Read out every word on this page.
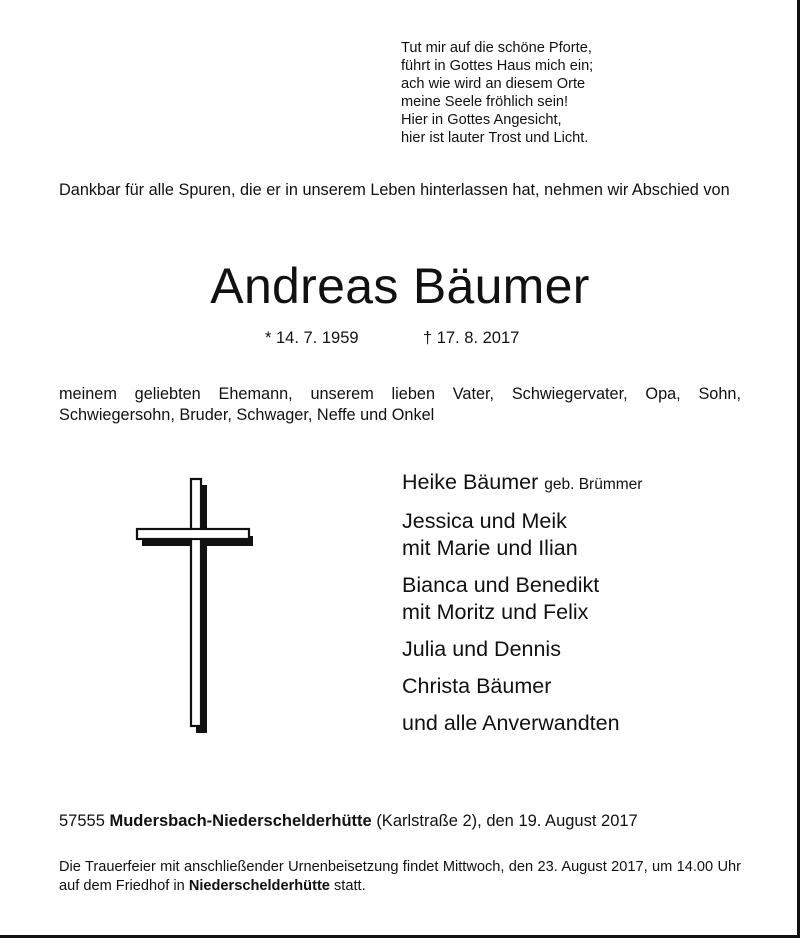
Tut mir auf die schöne Pforte,
führt in Gottes Haus mich ein;
ach wie wird an diesem Orte
meine Seele fröhlich sein!
Hier in Gottes Angesicht,
hier ist lauter Trost und Licht.
Dankbar für alle Spuren, die er in unserem Leben hinterlassen hat, nehmen wir Abschied von
Andreas Bäumer
* 14. 7. 1959	† 17. 8. 2017
meinem geliebten Ehemann, unserem lieben Vater, Schwiegervater, Opa, Sohn, Schwiegersohn, Bruder, Schwager, Neffe und Onkel
Heike Bäumer geb. Brümmer
Jessica und Meik
mit Marie und Ilian
Bianca und Benedikt
mit Moritz und Felix
Julia und Dennis
Christa Bäumer
und alle Anverwandten
57555 Mudersbach-Niederschelderhütte (Karlstraße 2), den 19. August 2017
Die Trauerfeier mit anschließender Urnenbeisetzung findet Mittwoch, den 23. August 2017, um 14.00 Uhr auf dem Friedhof in Niederschelderhütte statt.
